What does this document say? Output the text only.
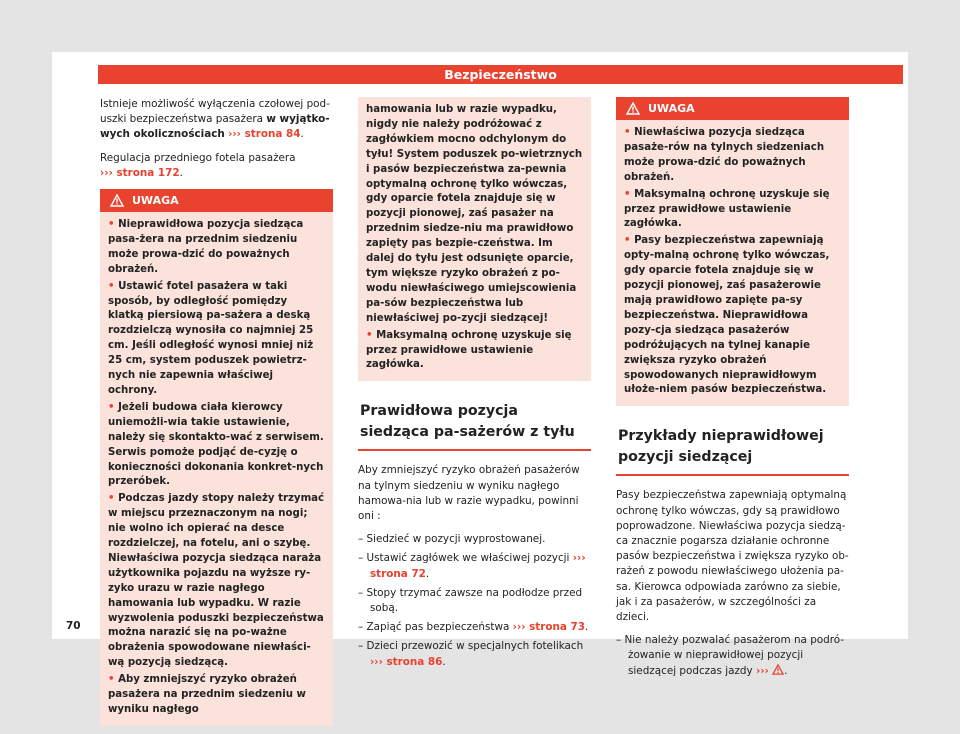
Bezpieczeństwo

Istnieje możliwość wyłączenia czołowej pod-uszki bezpieczeństwa pasażera w wyjątko-wych okolicznościach ››› strona 84.

Regulacja przedniego fotela pasażera
››› strona 172.

UWAGA
• Nieprawidłowa pozycja siedząca pasa-żera na przednim siedzeniu może prowa-dzić do poważnych obrażeń.
• Ustawić fotel pasażera w taki sposób, by odległość pomiędzy klatką piersiową pa-sażera a deską rozdzielczą wynosiła co najmniej 25 cm. Jeśli odległość wynosi mniej niż 25 cm, system poduszek powietrz-nych nie zapewnia właściwej ochrony.
• Jeżeli budowa ciała kierowcy uniemożli-wia takie ustawienie, należy się skontakto-wać z serwisem. Serwis pomoże podjąć de-cyzję o konieczności dokonania konkret-nych przeróbek.
• Podczas jazdy stopy należy trzymać w miejscu przeznaczonym na nogi; nie wolno ich opierać na desce rozdzielczej, na fotelu, ani o szybę. Niewłaściwa pozycja siedząca naraża użytkownika pojazdu na wyższe ry-zyko urazu w razie nagłego hamowania lub wypadku. W razie wyzwolenia poduszki bezpieczeństwa można narazić się na po-ważne obrażenia spowodowane niewłaści-wą pozycją siedzącą.
• Aby zmniejszyć ryzyko obrażeń pasażera na przednim siedzeniu w wyniku nagłego
hamowania lub w razie wypadku, nigdy nie należy podróżować z zagłówkiem mocno odchylonym do tyłu! System poduszek po-wietrznych i pasów bezpieczeństwa za-pewnia optymalną ochronę tylko wówczas, gdy oparcie fotela znajduje się w pozycji pionowej, zaś pasażer na przednim siedze-niu ma prawidłowo zapięty pas bezpie-czeństwa. Im dalej do tyłu jest odsunięte oparcie, tym większe ryzyko obrażeń z po-wodu niewłaściwego umiejscowienia pa-sów bezpieczeństwa lub niewłaściwej po-zycji siedzącej!
• Maksymalną ochronę uzyskuje się przez prawidłowe ustawienie zagłówka.
Prawidłowa pozycja siedząca pa-sażerów z tyłu

Aby zmniejszyć ryzyko obrażeń pasażerów na tylnym siedzeniu w wyniku nagłego hamowa-nia lub w razie wypadku, powinni oni :

– Siedzieć w pozycji wyprostowanej.

– Ustawić zagłówek we właściwej pozycji ››› strona 72.

– Stopy trzymać zawsze na podłodze przed sobą.

– Zapiąć pas bezpieczeństwa ››› strona 73.

– Dzieci przewozić w specjalnych fotelikach ››› strona 86.

UWAGA
• Niewłaściwa pozycja siedząca pasaże-rów na tylnych siedzeniach może prowa-dzić do poważnych obrażeń.
• Maksymalną ochronę uzyskuje się przez prawidłowe ustawienie zagłówka.
• Pasy bezpieczeństwa zapewniają opty-malną ochronę tylko wówczas, gdy oparcie fotela znajduje się w pozycji pionowej, zaś pasażerowie mają prawidłowo zapięte pa-sy bezpieczeństwa. Nieprawidłowa pozy-cja siedząca pasażerów podróżujących na tylnej kanapie zwiększa ryzyko obrażeń spowodowanych nieprawidłowym ułoże-niem pasów bezpieczeństwa.
Przykłady nieprawidłowej pozycji siedzącej

Pasy bezpieczeństwa zapewniają optymalną ochronę tylko wówczas, gdy są prawidłowo poprowadzone. Niewłaściwa pozycja siedzą-ca znacznie pogarsza działanie ochronne pasów bezpieczeństwa i zwiększa ryzyko ob-rażeń z powodu niewłaściwego ułożenia pa-sa. Kierowca odpowiada zarówno za siebie, jak i za pasażerów, w szczególności za dzieci.

– Nie należy pozwalać pasażerom na podró-żowanie w nieprawidłowej pozycji siedzącej podczas jazdy ››› .

70
